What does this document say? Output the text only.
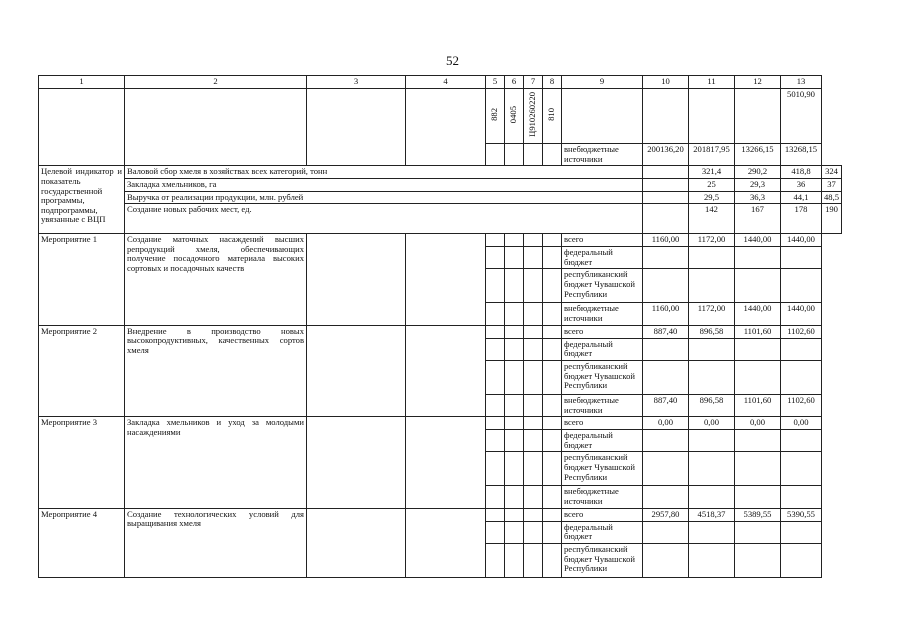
52
1	2	3	4	5	6	7	8	9	10	11	12	13	
				882	0405	Ц910260220	810					5010,90	
								внебюджетные источники	200136,20	201817,95	13266,15	13268,15	
Целевой индикатор и показатель государственной программы, подпрограммы, увязанные с ВЦП	Валовой сбор хмеля в хозяйствах всех категорий, тонн									321,4	290,2	418,8	324
	Закладка хмельников, га									25	29,3	36	37
	Выручка от реализации продукции, млн. рублей									29,5	36,3	44,1	48,5
	Создание новых рабочих мест, ед.									142	167	178	190
Мероприятие 1	Создание маточных насаждений высших репродукций хмеля, обеспечивающих получение посадочного материала высоких сортовых и посадочных качеств							всего	1160,00	1172,00	1440,00	1440,00	
								федеральный бюджет					
								республиканский бюджет Чувашской Республики					
								внебюджетные источники	1160,00	1172,00	1440,00	1440,00	
Мероприятие 2	Внедрение в производство новых высокопродуктивных, качественных сортов хмеля							всего	887,40	896,58	1101,60	1102,60	
								федеральный бюджет					
								республиканский бюджет Чувашской Республики					
								внебюджетные источники	887,40	896,58	1101,60	1102,60	
Мероприятие 3	Закладка хмельников и уход за молодыми насаждениями							всего	0,00	0,00	0,00	0,00	
								федеральный бюджет					
								республиканский бюджет Чувашской Республики					
								внебюджетные источники					
Мероприятие 4	Создание технологических условий для выращивания хмеля							всего	2957,80	4518,37	5389,55	5390,55	
								федеральный бюджет					
								республиканский бюджет Чувашской Республики					
